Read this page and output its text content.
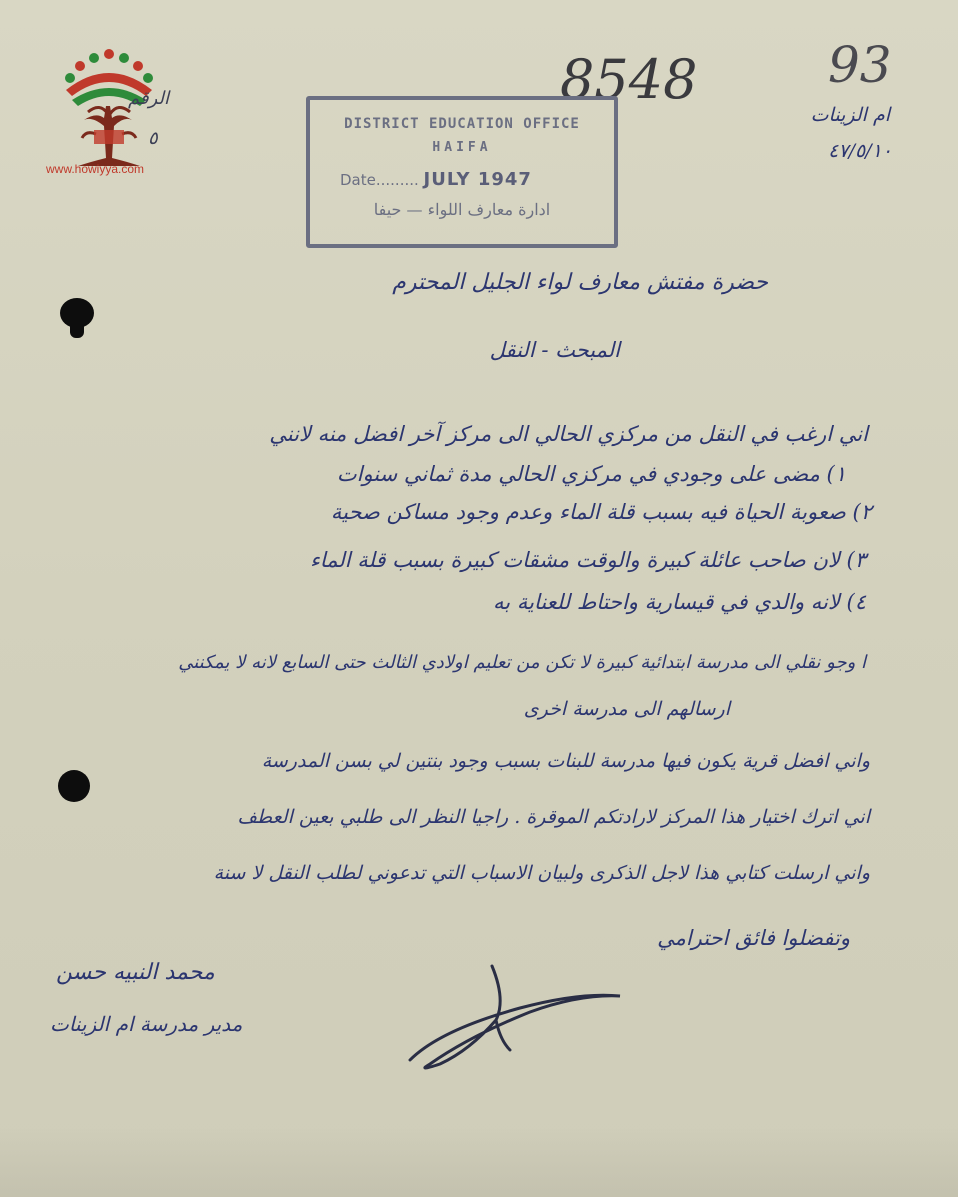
www.howiyya.com
الرقم
٥
8548	93
ام الزينات
٤٧/٥/١٠
DISTRICT EDUCATION OFFICE
HAIFA
Date......... JULY 1947
ادارة معارف اللواء — حيفا
حضرة مفتش معارف لواء الجليل المحترم
المبحث - النقل
اني ارغب في النقل من مركزي الحالي الى مركز آخر افضل منه لانني
١) مضى على وجودي في مركزي الحالي مدة ثماني سنوات
٢) صعوبة الحياة فيه بسبب قلة الماء وعدم وجود مساكن صحية
٣) لان صاحب عائلة كبيرة والوقت مشقات كبيرة بسبب قلة الماء
٤) لانه والدي في قيسارية واحتاط للعناية به
ا وجو نقلي الى مدرسة ابتدائية كبيرة لا تكن من تعليم اولادي الثالث حتى السابع لانه لا يمكنني
ارسالهم الى مدرسة اخرى
واني افضل قرية يكون فيها مدرسة للبنات بسبب وجود بنتين لي بسن المدرسة
اني اترك اختيار هذا المركز لارادتكم الموقرة . راجيا النظر الى طلبي بعين العطف
واني ارسلت كتابي هذا لاجل الذكرى ولبيان الاسباب التي تدعوني لطلب النقل لا سنة
وتفضلوا فائق احترامي
محمد النبيه حسن
مدير مدرسة ام الزينات
